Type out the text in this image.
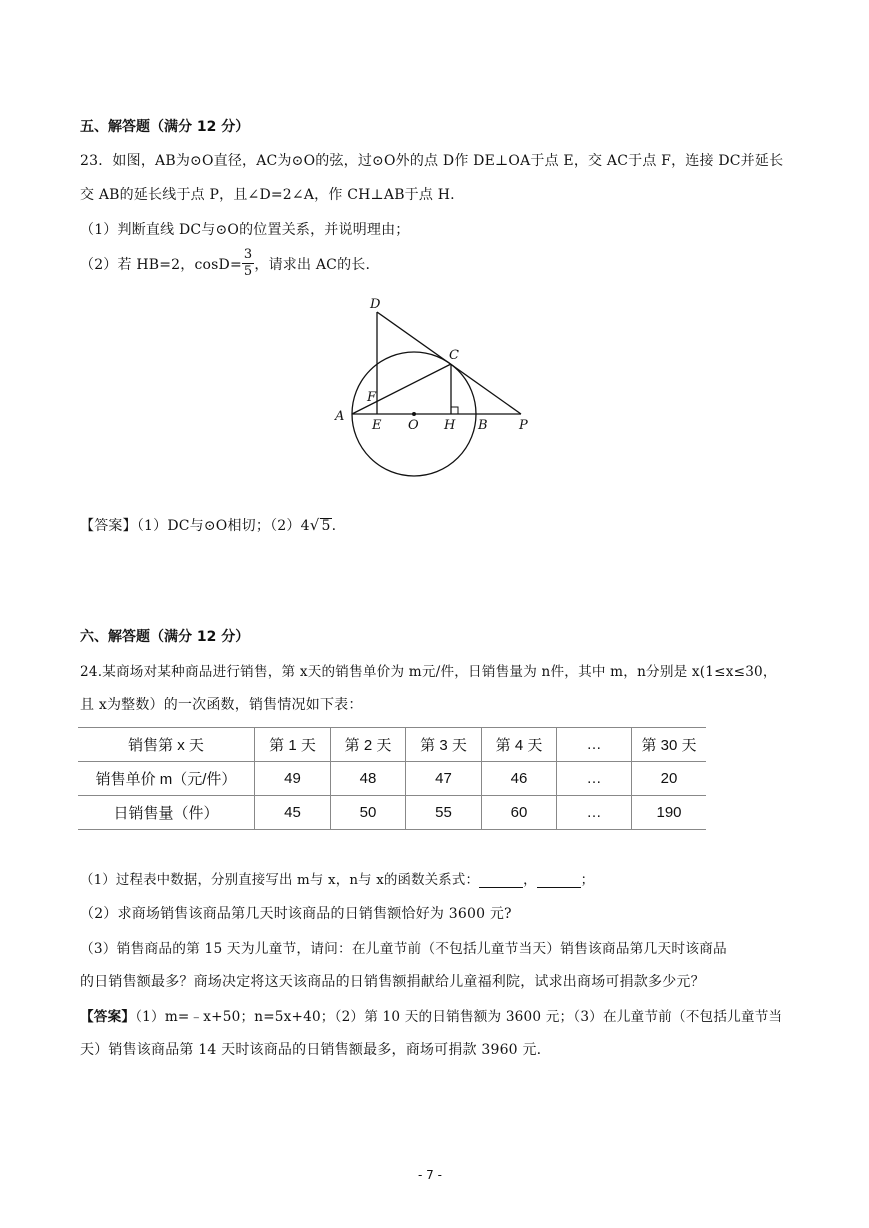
五、解答题（满分 12 分）
23．如图，AB为⊙O直径，AC为⊙O的弦，过⊙O外的点 D作 DE⊥OA于点 E，交 AC于点 F，连接 DC并延长
交 AB的延长线于点 P，且∠D=2∠A，作 CH⊥AB于点 H.
（1）判断直线 DC与⊙O的位置关系，并说明理由；
（2）若 HB=2，$\cos D= \frac{3}{5}$ ，请求出 AC的长.
D
C
F
A
E O H B P
【答案】（1）DC与⊙O相切；（2）4√ 5.
六、解答题（满分 12 分）
24.某商场对某种商品进行销售，第 x天的销售单价为 m元/件，日销售量为 n件，其中 m，n分别是 x(1≤x≤30，
且 x为整数）的一次函数，销售情况如下表：
销售第 x 天	第 1 天	第 2 天	第 3 天	第 4 天	…	第 30 天
销售单价 m（元/件）	49	48	47	46	…	20
日销售量（件）	45	50	55	60	…	190
（1）过程表中数据，分别直接写出 m与 x，n与 x的函数关系式：	，	；
（2）求商场销售该商品第几天时该商品的日销售额恰好为 3600 元?
（3）销售商品的第 15 天为儿童节，请问：在儿童节前（不包括儿童节当天）销售该商品第几天时该商品
的日销售额最多？商场决定将这天该商品的日销售额捐献给儿童福利院，试求出商场可捐款多少元？
【答案】（1）m=﹣x+50；n=5x+40；（2）第 10 天的日销售额为 3600 元；（3）在儿童节前（不包括儿童节当
天）销售该商品第 14 天时该商品的日销售额最多，商场可捐款 3960 元.
- 7 -
